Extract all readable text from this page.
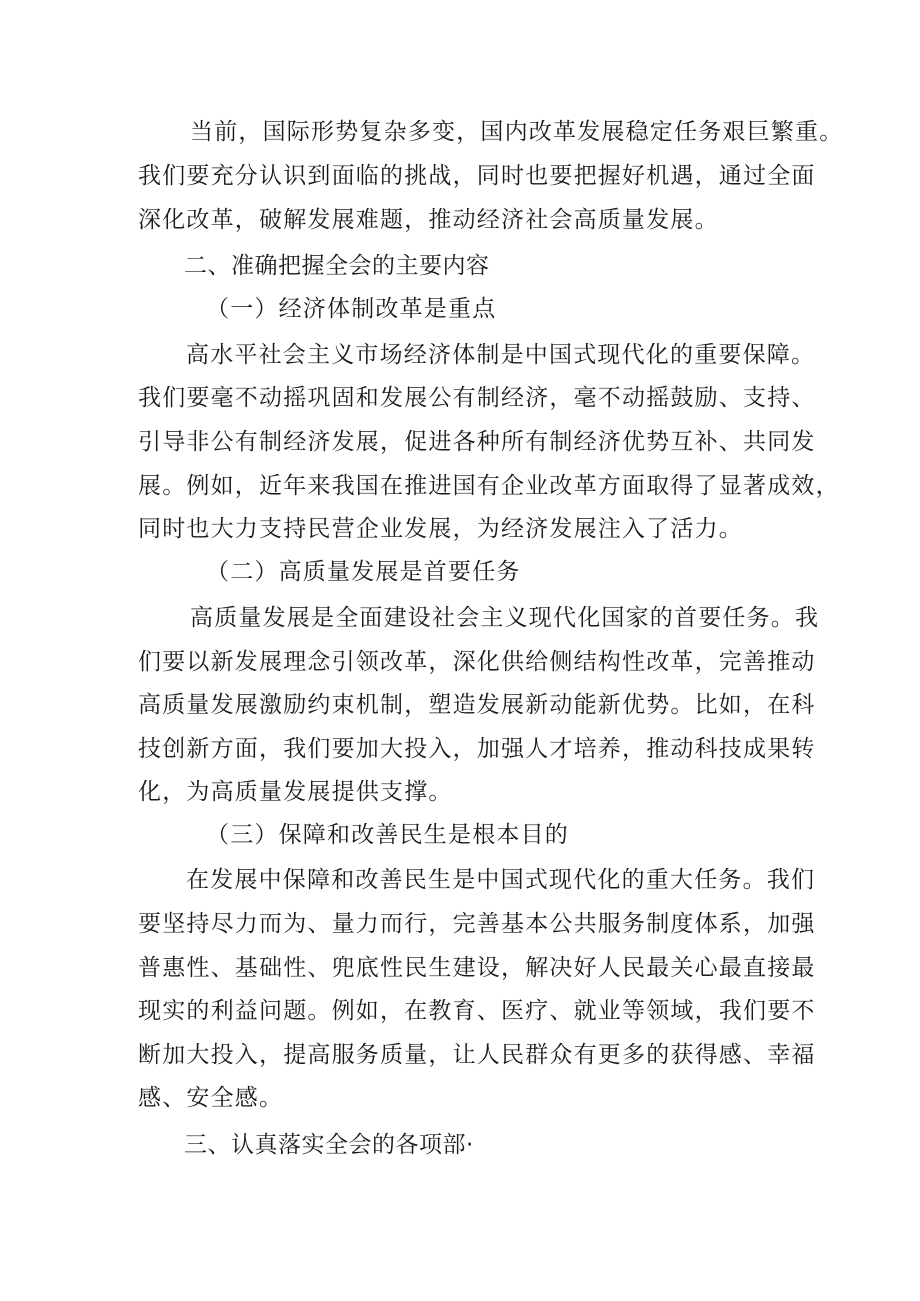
当前，国际形势复杂多变，国内改革发展稳定任务艰巨繁重。
我们要充分认识到面临的挑战，同时也要把握好机遇，通过全面
深化改革，破解发展难题，推动经济社会高质量发展。
二、准确把握全会的主要内容
（一）经济体制改革是重点
高水平社会主义市场经济体制是中国式现代化的重要保障。
我们要毫不动摇巩固和发展公有制经济，毫不动摇鼓励、支持、
引导非公有制经济发展，促进各种所有制经济优势互补、共同发
展。例如，近年来我国在推进国有企业改革方面取得了显著成效，
同时也大力支持民营企业发展，为经济发展注入了活力。
（二）高质量发展是首要任务
高质量发展是全面建设社会主义现代化国家的首要任务。我
们要以新发展理念引领改革，深化供给侧结构性改革，完善推动
高质量发展激励约束机制，塑造发展新动能新优势。比如，在科
技创新方面，我们要加大投入，加强人才培养，推动科技成果转
化，为高质量发展提供支撑。
（三）保障和改善民生是根本目的
在发展中保障和改善民生是中国式现代化的重大任务。我们
要坚持尽力而为、量力而行，完善基本公共服务制度体系，加强
普惠性、基础性、兜底性民生建设，解决好人民最关心最直接最
现实的利益问题。例如，在教育、医疗、就业等领域，我们要不
断加大投入，提高服务质量，让人民群众有更多的获得感、幸福
感、安全感。
三、认真落实全会的各项部·
